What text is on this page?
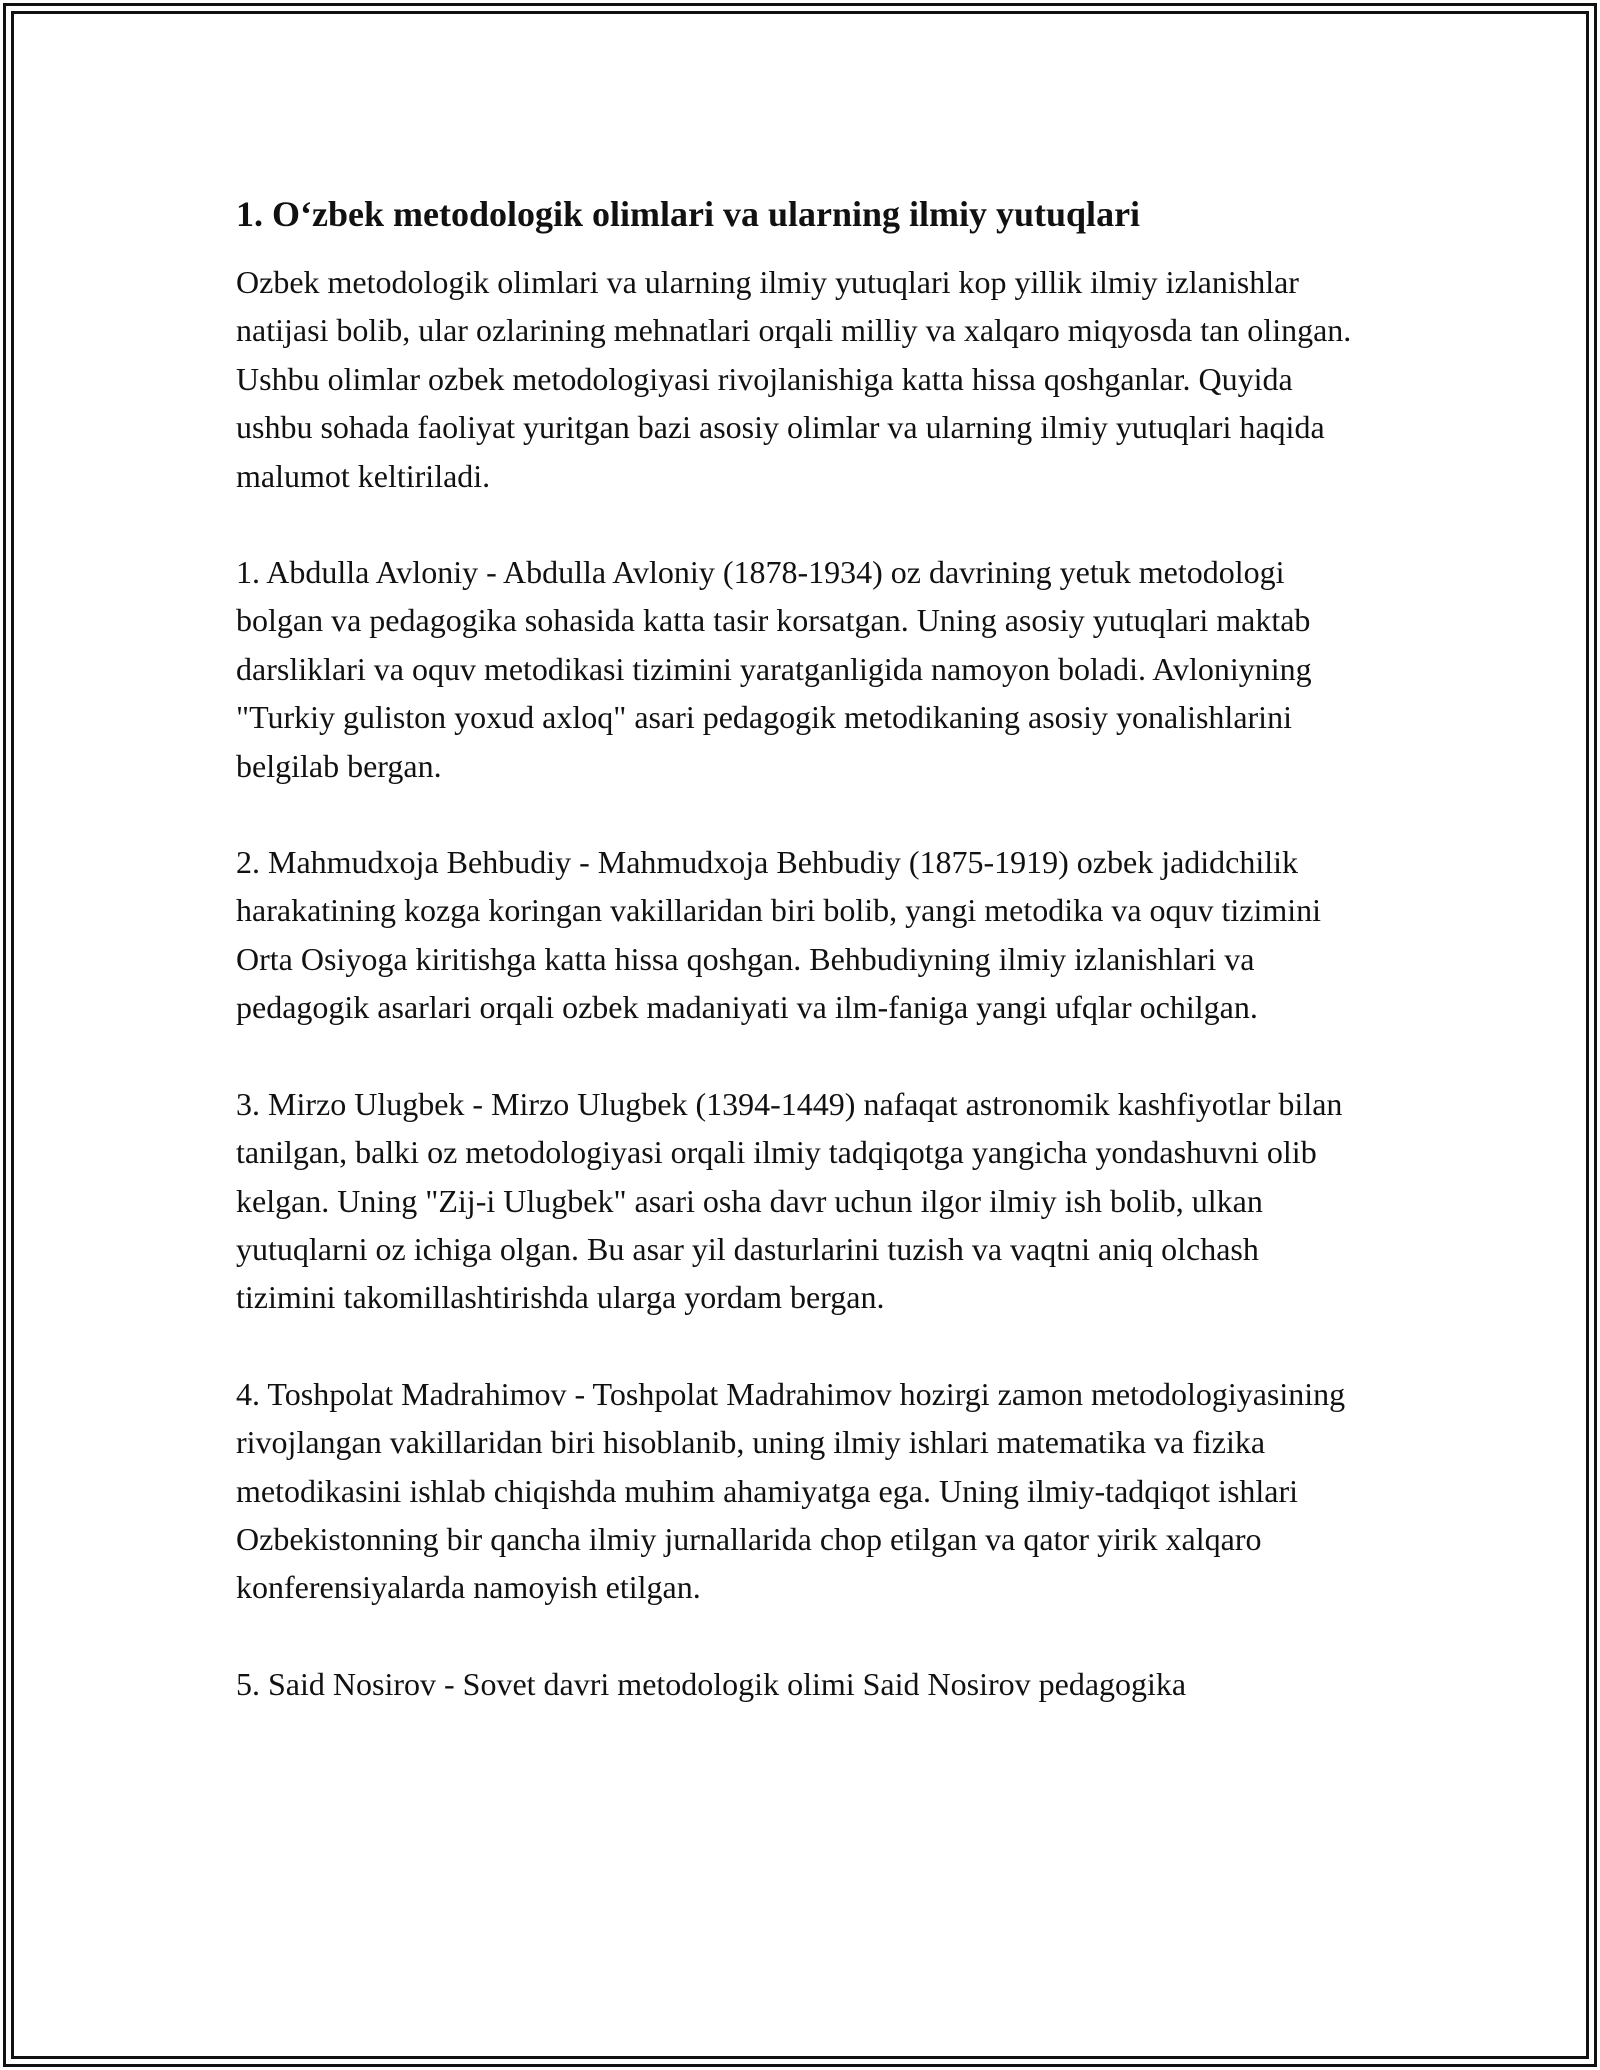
1. O‘zbek metodologik olimlari va ularning ilmiy yutuqlari

Ozbek metodologik olimlari va ularning ilmiy yutuqlari kop yillik ilmiy izlanishlar natijasi bolib, ular ozlarining mehnatlari orqali milliy va xalqaro miqyosda tan olingan. Ushbu olimlar ozbek metodologiyasi rivojlanishiga katta hissa qoshganlar. Quyida ushbu sohada faoliyat yuritgan bazi asosiy olimlar va ularning ilmiy yutuqlari haqida malumot keltiriladi.

1. Abdulla Avloniy - Abdulla Avloniy (1878-1934) oz davrining yetuk metodologi bolgan va pedagogika sohasida katta tasir korsatgan. Uning asosiy yutuqlari maktab darsliklari va oquv metodikasi tizimini yaratganligida namoyon boladi. Avloniyning "Turkiy guliston yoxud axloq" asari pedagogik metodikaning asosiy yonalishlarini belgilab bergan.

2. Mahmudxoja Behbudiy - Mahmudxoja Behbudiy (1875-1919) ozbek jadidchilik harakatining kozga koringan vakillaridan biri bolib, yangi metodika va oquv tizimini Orta Osiyoga kiritishga katta hissa qoshgan. Behbudiyning ilmiy izlanishlari va pedagogik asarlari orqali ozbek madaniyati va ilm-faniga yangi ufqlar ochilgan.

3. Mirzo Ulugbek - Mirzo Ulugbek (1394-1449) nafaqat astronomik kashfiyotlar bilan tanilgan, balki oz metodologiyasi orqali ilmiy tadqiqotga yangicha yondashuvni olib kelgan. Uning "Zij-i Ulugbek" asari osha davr uchun ilgor ilmiy ish bolib, ulkan yutuqlarni oz ichiga olgan. Bu asar yil dasturlarini tuzish va vaqtni aniq olchash tizimini takomillashtirishda ularga yordam bergan.

4. Toshpolat Madrahimov - Toshpolat Madrahimov hozirgi zamon metodologiyasining rivojlangan vakillaridan biri hisoblanib, uning ilmiy ishlari matematika va fizika metodikasini ishlab chiqishda muhim ahamiyatga ega. Uning ilmiy-tadqiqot ishlari Ozbekistonning bir qancha ilmiy jurnallarida chop etilgan va qator yirik xalqaro konferensiyalarda namoyish etilgan.

5. Said Nosirov - Sovet davri metodologik olimi Said Nosirov pedagogika
